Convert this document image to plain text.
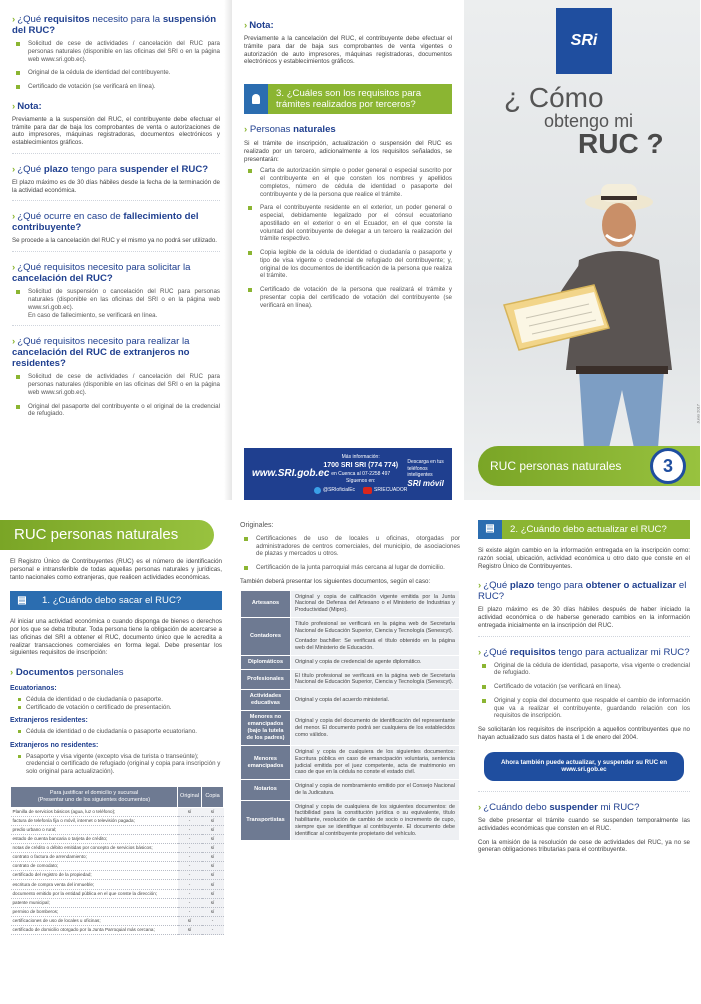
› ¿Qué requisitos necesito para la suspensión del RUC?
Solicitud de cese de actividades / cancelación del RUC para personas naturales (disponible en las oficinas del SRI o en la página web www.sri.gob.ec).
Original de la cédula de identidad del contribuyente.
Certificado de votación (se verificará en línea).
› Nota:

Previamente a la suspensión del RUC, el contribuyente debe efectuar el trámite para dar de baja los comprobantes de venta o autorizaciones de auto impresores, máquinas registradoras, documentos electrónicos y establecimientos gráficos.

› ¿Qué plazo tengo para suspender el RUC?

El plazo máximo es de 30 días hábiles desde la fecha de la terminación de la actividad económica.

› ¿Qué ocurre en caso de fallecimiento del contribuyente?

Se procede a la cancelación del RUC y el mismo ya no podrá ser utilizado.

› ¿Qué requisitos necesito para solicitar la cancelación del RUC?
Solicitud de suspensión o cancelación del RUC para personas naturales (disponible en las oficinas del SRI o en la página web www.sri.gob.ec).
En caso de fallecimiento, se verificará en línea.
› ¿Qué requisitos necesito para realizar la cancelación del RUC de extranjeros no residentes?
Solicitud de cese de actividades / cancelación del RUC para personas naturales (disponible en las oficinas del SRI o en la página web www.sri.gob.ec).
Original del pasaporte del contribuyente o el original de la credencial de refugiado.
› Nota:

Previamente a la cancelación del RUC, el contribuyente debe efectuar el trámite para dar de baja sus comprobantes de venta vigentes o autorización de auto impresores, máquinas registradoras, documentos electrónicos y establecimientos gráficos.

3. ¿Cuáles son los requisitos para trámites realizados por terceros?
› Personas naturales

Si el trámite de inscripción, actualización o suspensión del RUC es realizado por un tercero, adicionalmente a los requisitos señalados, se presentarán:

Carta de autorización simple o poder general o especial suscrito por el contribuyente en el que consten los nombres y apellidos completos, número de cédula de identidad o pasaporte del contribuyente y de la persona que realice el trámite.
Para el contribuyente residente en el exterior, un poder general o especial, debidamente legalizado por el cónsul ecuatoriano apostillado en el exterior o en el Ecuador, en el que conste la voluntad del contribuyente de delegar a un tercero la realización del trámite respectivo.
Copia legible de la cédula de identidad o ciudadanía o pasaporte y tipo de visa vigente o credencial de refugiado del contribuyente; y, original de los documentos de identificación de la persona que realiza el trámite.
Certificado de votación de la persona que realizará el trámite y presentar copia del certificado de votación del contribuyente (se verificará en línea).
www.SRI.gob.ec
Más información:
1700 SRI SRI (774 774)
en Cuenca al 07-2258 497
Síguenos en:
@SRIoficialEc	SRIECUADOR
Descarga en tus teléfonos inteligentes
SRI móvil
SRi
¿ Cómo
obtengo mi
RUC ?
Junio 2017
RUC personas naturales	3
RUC personas naturales

El Registro Único de Contribuyentes (RUC) es el número de identificación personal e intransferible de todas aquellas personas naturales y jurídicas, tanto nacionales como extranjeras, que realicen actividades económicas.

▤	1. ¿Cuándo debo sacar el RUC?

Al iniciar una actividad económica o cuando disponga de bienes o derechos por los que se deba tributar. Toda persona tiene la obligación de acercarse a las oficinas del SRI a obtener el RUC, documento único que le acredita a realizar transacciones comerciales en forma legal. Debe presentar los siguientes requisitos de inscripción:

› Documentos personales
Ecuatorianos:
Cédula de identidad o de ciudadanía o pasaporte.
Certificado de votación o certificado de presentación.
Extranjeros residentes:
Cédula de identidad o de ciudadanía o pasaporte ecuatoriano.
Extranjeros no residentes:
Pasaporte y visa vigente (excepto visa de turista o transeúnte); credencial o certificado de refugiado (original y copia para inscripción y solo original para actualización).
Para justificar el domicilio y sucursal
(Presentar uno de los siguientes documentos)	Original	Copia
Planilla de servicios básicos (agua, luz o teléfono);	sí	sí
factura de telefonía fija o móvil, internet o televisión pagada;	-	sí
predio urbano o rural;	-	sí
estado de cuenta bancaria o tarjeta de crédito;	-	sí
notas de crédito o débito emitidas por concepto de servicios básicos;	-	sí
contrato o factura de arrendamiento;	-	sí
contrato de comodato;	-	sí
certificado del registro de la propiedad;	-	sí
escritura de compra venta del inmueble;	-	sí
documento emitido por la entidad pública en el que conste la dirección;	-	sí
patente municipal;	-	sí
permiso de bomberos;	-	sí
certificaciones de uso de locales u oficinas;	sí	-
certificado de domicilio otorgado por la Junta Parroquial más cercana;	sí	-
Originales:
Certificaciones de uso de locales u oficinas, otorgadas por administradores de centros comerciales, del municipio, de asociaciones de plazas y mercados u otros.
Certificación de la junta parroquial más cercana al lugar de domicilio.
También deberá presentar los siguientes documentos, según el caso:
Artesanos	Original y copia de calificación vigente emitida por la Junta Nacional de Defensa del Artesano o el Ministerio de Industrias y Productividad (Mipro).

Contadores	Título profesional se verificará en la página web de Secretaría Nacional de Educación Superior, Ciencia y Tecnología (Senescyt).
Contador bachiller: Se verificará el título obtenido en la página web del Ministerio de Educación.

Diplomáticos	Original y copia de credencial de agente diplomático.

Profesionales	El título profesional se verificará en la página web de Secretaría Nacional de Educación Superior, Ciencia y Tecnología (Senescyt).

Actividades educativas	Original y copia del acuerdo ministerial.

Menores no emancipados (bajo la tutela de los padres)	Original y copia del documento de identificación del representante del menor. El documento podrá ser cualquiera de los establecidos como válidos.

Menores emancipados	Original y copia de cualquiera de los siguientes documentos: Escritura pública en caso de emancipación voluntaria, sentencia judicial emitida por el juez competente, acta de matrimonio en caso de que en la cédula no conste el estado civil.

Notarios	Original y copia de nombramiento emitido por el Consejo Nacional de la Judicatura.

Transportistas	Original y copia de cualquiera de los siguientes documentos: de factibilidad para la constitución jurídica o su equivalente, título habilitante, resolución de cambio de socio o incremento de cupo, siempre que se identifique al contribuyente. El documento debe identificar al contribuyente propietario del vehículo.
▤	2. ¿Cuándo debo actualizar el RUC?

Si existe algún cambio en la información entregada en la inscripción como: razón social, ubicación, actividad económica u otro dato que conste en el Registro Único de Contribuyentes.

› ¿Qué plazo tengo para obtener o actualizar el RUC?

El plazo máximo es de 30 días hábiles después de haber iniciado la actividad económica o de haberse generado cambios en la información entregada inicialmente en la inscripción del RUC.

› ¿Qué requisitos tengo para actualizar mi RUC?
Original de la cédula de identidad, pasaporte, visa vigente o credencial de refugiado.
Certificado de votación (se verificará en línea).
Original y copia del documento que respalde el cambio de información que va a realizar el contribuyente, guardando relación con los requisitos de inscripción.

Se solicitarán los requisitos de inscripción a aquellos contribuyentes que no hayan actualizado sus datos hasta el 1 de enero del 2004.

Ahora también puede actualizar, y suspender su RUC en www.sri.gob.ec
› ¿Cuándo debo suspender mi RUC?

Se debe presentar el trámite cuando se suspenden temporalmente las actividades económicas que consten en el RUC.

Con la emisión de la resolución de cese de actividades del RUC, ya no se generan obligaciones tributarias para el contribuyente.
